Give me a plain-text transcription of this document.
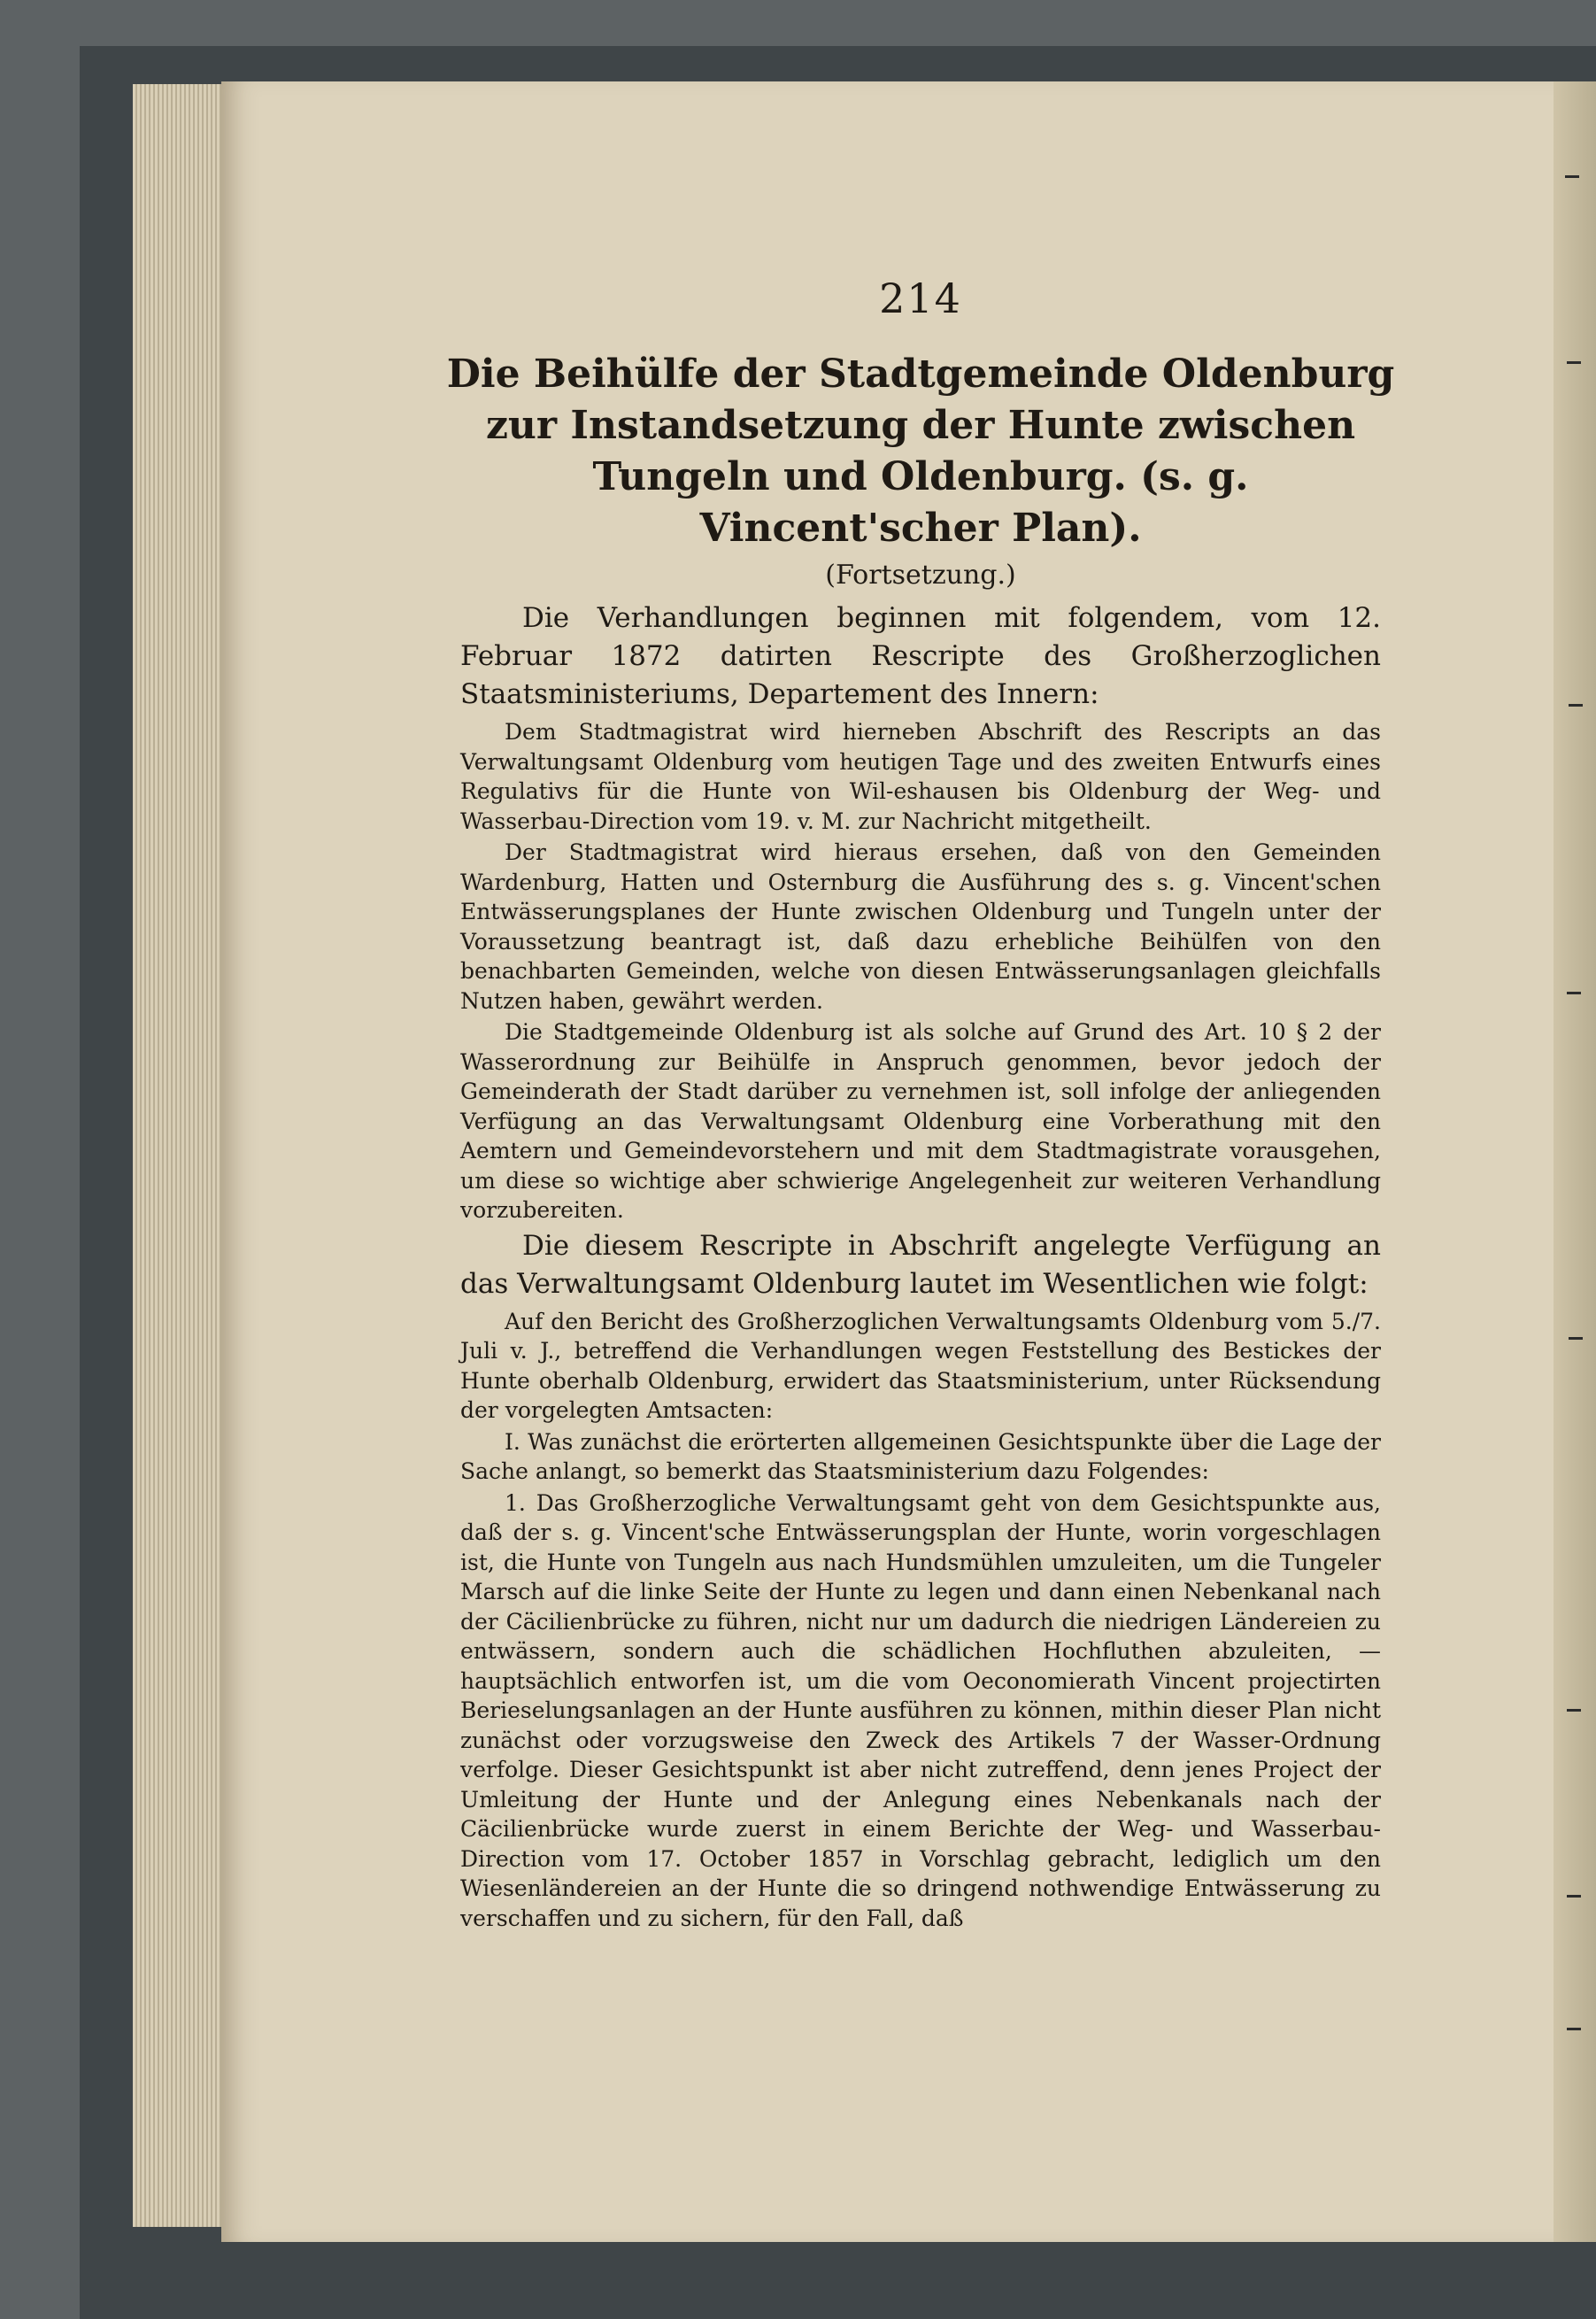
214
Die Beihülfe der Stadtgemeinde Oldenburg zur Instandsetzung der Hunte zwischen Tungeln und Oldenburg. (s. g. Vincent'scher Plan).
(Fortsetzung.)

Die Verhandlungen beginnen mit folgendem, vom 12. Februar 1872 datirten Rescripte des Großherzoglichen Staatsministeriums, Departement des Innern:

Dem Stadtmagistrat wird hierneben Abschrift des Rescripts an das Verwaltungsamt Oldenburg vom heutigen Tage und des zweiten Entwurfs eines Regulativs für die Hunte von Wil-eshausen bis Oldenburg der Weg- und Wasserbau-Direction vom 19. v. M. zur Nachricht mitgetheilt.

Der Stadtmagistrat wird hieraus ersehen, daß von den Gemeinden Wardenburg, Hatten und Osternburg die Ausführung des s. g. Vincent'schen Entwässerungsplanes der Hunte zwischen Oldenburg und Tungeln unter der Voraussetzung beantragt ist, daß dazu erhebliche Beihülfen von den benachbarten Gemeinden, welche von diesen Entwässerungsanlagen gleichfalls Nutzen haben, gewährt werden.

Die Stadtgemeinde Oldenburg ist als solche auf Grund des Art. 10 § 2 der Wasserordnung zur Beihülfe in Anspruch genommen, bevor jedoch der Gemeinderath der Stadt darüber zu vernehmen ist, soll infolge der anliegenden Verfügung an das Verwaltungsamt Oldenburg eine Vorberathung mit den Aemtern und Gemeindevorstehern und mit dem Stadtmagistrate vorausgehen, um diese so wichtige aber schwierige Angelegenheit zur weiteren Verhandlung vorzubereiten.

Die diesem Rescripte in Abschrift angelegte Verfügung an das Verwaltungsamt Oldenburg lautet im Wesentlichen wie folgt:

Auf den Bericht des Großherzoglichen Verwaltungsamts Oldenburg vom 5./7. Juli v. J., betreffend die Verhandlungen wegen Feststellung des Bestickes der Hunte oberhalb Oldenburg, erwidert das Staatsministerium, unter Rücksendung der vorgelegten Amtsacten:

I. Was zunächst die erörterten allgemeinen Gesichtspunkte über die Lage der Sache anlangt, so bemerkt das Staatsministerium dazu Folgendes:

1. Das Großherzogliche Verwaltungsamt geht von dem Gesichtspunkte aus, daß der s. g. Vincent'sche Entwässerungsplan der Hunte, worin vorgeschlagen ist, die Hunte von Tungeln aus nach Hundsmühlen umzuleiten, um die Tungeler Marsch auf die linke Seite der Hunte zu legen und dann einen Nebenkanal nach der Cäcilienbrücke zu führen, nicht nur um dadurch die niedrigen Ländereien zu entwässern, sondern auch die schädlichen Hochfluthen abzuleiten, — hauptsächlich entworfen ist, um die vom Oeconomierath Vincent projectirten Berieselungsanlagen an der Hunte ausführen zu können, mithin dieser Plan nicht zunächst oder vorzugsweise den Zweck des Artikels 7 der Wasser-Ordnung verfolge. Dieser Gesichtspunkt ist aber nicht zutreffend, denn jenes Project der Umleitung der Hunte und der Anlegung eines Nebenkanals nach der Cäcilienbrücke wurde zuerst in einem Berichte der Weg- und Wasserbau-Direction vom 17. October 1857 in Vorschlag gebracht, lediglich um den Wiesenländereien an der Hunte die so dringend nothwendige Entwässerung zu verschaffen und zu sichern, für den Fall, daß
